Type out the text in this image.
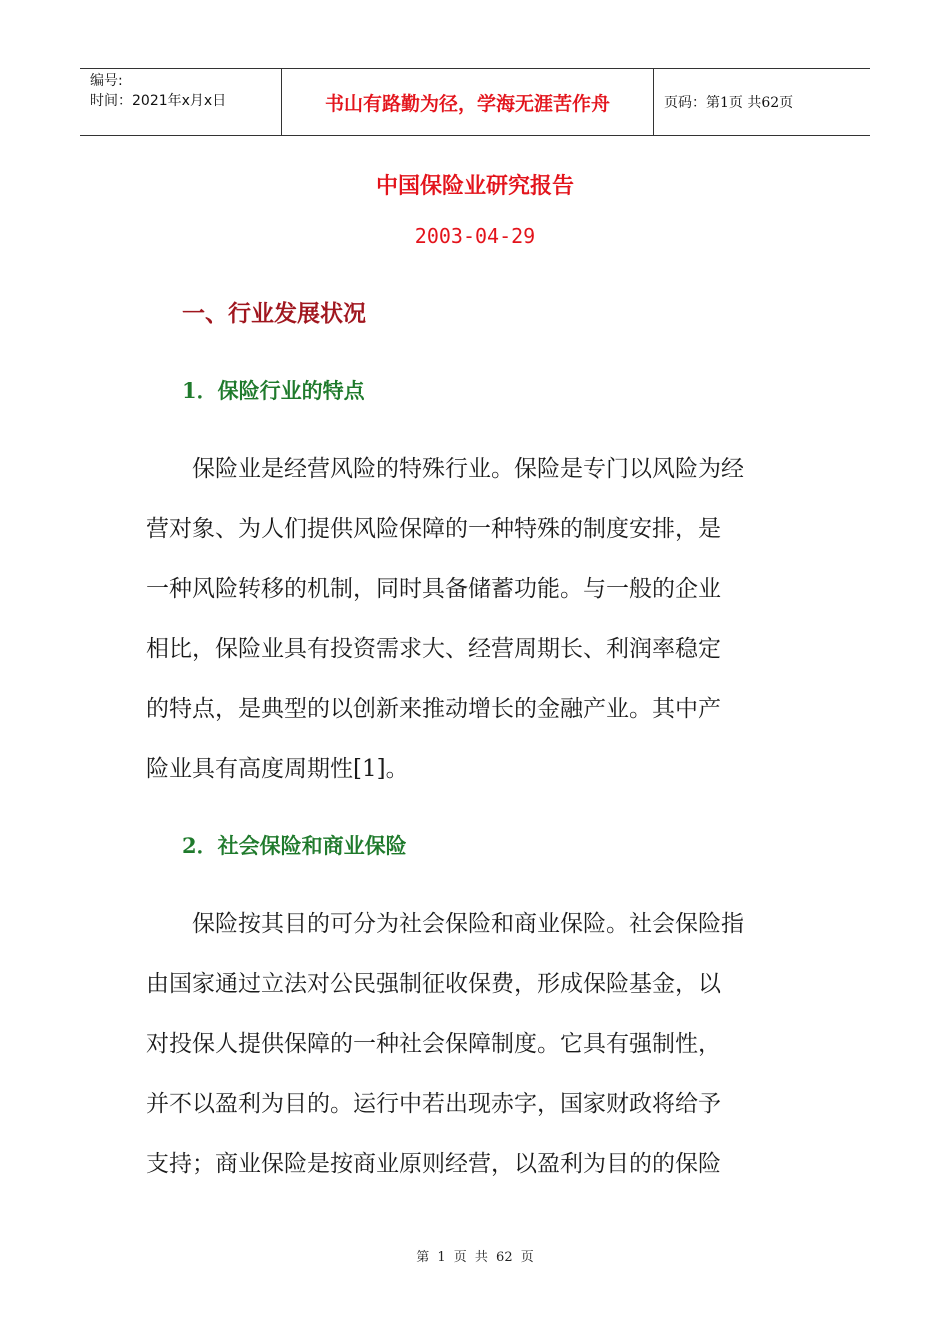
编号:
时间：2021年x月x日	书山有路勤为径，学海无涯苦作舟	页码：第1页 共62页
中国保险业研究报告
2003-04-29
一、行业发展状况
1．保险行业的特点
　　保险业是经营风险的特殊行业。保险是专门以风险为经
营对象、为人们提供风险保障的一种特殊的制度安排，是
一种风险转移的机制，同时具备储蓄功能。与一般的企业
相比，保险业具有投资需求大、经营周期长、利润率稳定
的特点，是典型的以创新来推动增长的金融产业。其中产
险业具有高度周期性[1]。
2．社会保险和商业保险
　　保险按其目的可分为社会保险和商业保险。社会保险指
由国家通过立法对公民强制征收保费，形成保险基金，以
对投保人提供保障的一种社会保障制度。它具有强制性，
并不以盈利为目的。运行中若出现赤字，国家财政将给予
支持；商业保险是按商业原则经营，以盈利为目的的保险
第 1 页 共 62 页
